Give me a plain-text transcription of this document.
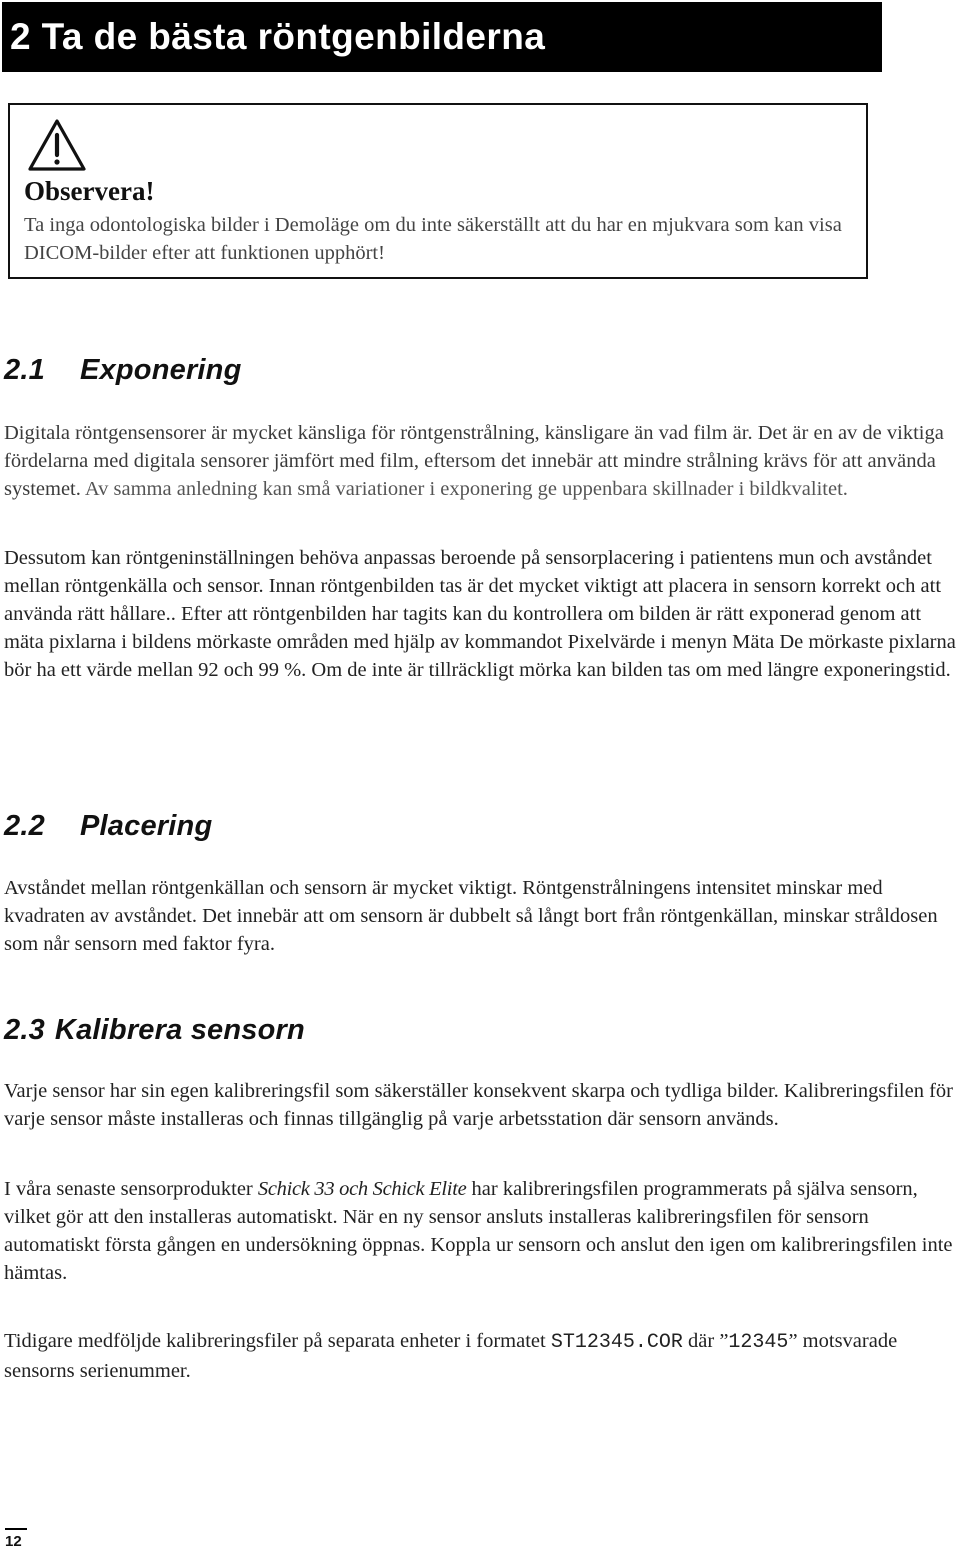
2 Ta de bästa röntgenbilderna
Observera!
Ta inga odontologiska bilder i Demoläge om du inte säkerställt att du har en mjukvara som kan visa DICOM-bilder efter att funktionen upphört!
2.1 Exponering

Digitala röntgensensorer är mycket känsliga för röntgenstrålning, känsligare än vad film är. Det är en av de viktiga fördelarna med digitala sensorer jämfört med film, eftersom det innebär att mindre strålning krävs för att använda systemet. Av samma anledning kan små variationer i exponering ge uppenbara skillnader i bildkvalitet.

Dessutom kan röntgeninställningen behöva anpassas beroende på sensorplacering i patientens mun och avståndet mellan röntgenkälla och sensor. Innan röntgenbilden tas är det mycket viktigt att placera in sensorn korrekt och att använda rätt hållare.. Efter att röntgenbilden har tagits kan du kontrollera om bilden är rätt exponerad genom att mäta pixlarna i bildens mörkaste områden med hjälp av kommandot Pixelvärde i menyn Mäta De mörkaste pixlarna bör ha ett värde mellan 92 och 99 %. Om de inte är tillräckligt mörka kan bilden tas om med längre exponeringstid.

2.2 Placering

Avståndet mellan röntgenkällan och sensorn är mycket viktigt. Röntgenstrålningens intensitet minskar med kvadraten av avståndet. Det innebär att om sensorn är dubbelt så långt bort från röntgenkällan, minskar stråldosen som når sensorn med faktor fyra.

2.3 Kalibrera sensorn

Varje sensor har sin egen kalibreringsfil som säkerställer konsekvent skarpa och tydliga bilder. Kalibreringsfilen för varje sensor måste installeras och finnas tillgänglig på varje arbetsstation där sensorn används.

I våra senaste sensorprodukter Schick 33 och Schick Elite har kalibreringsfilen programmerats på själva sensorn, vilket gör att den installeras automatiskt. När en ny sensor ansluts installeras kalibreringsfilen för sensorn automatiskt första gången en undersökning öppnas. Koppla ur sensorn och anslut den igen om kalibreringsfilen inte hämtas.

Tidigare medföljde kalibreringsfiler på separata enheter i formatet ST12345.COR där ”12345” motsvarade sensorns serienummer.

12
